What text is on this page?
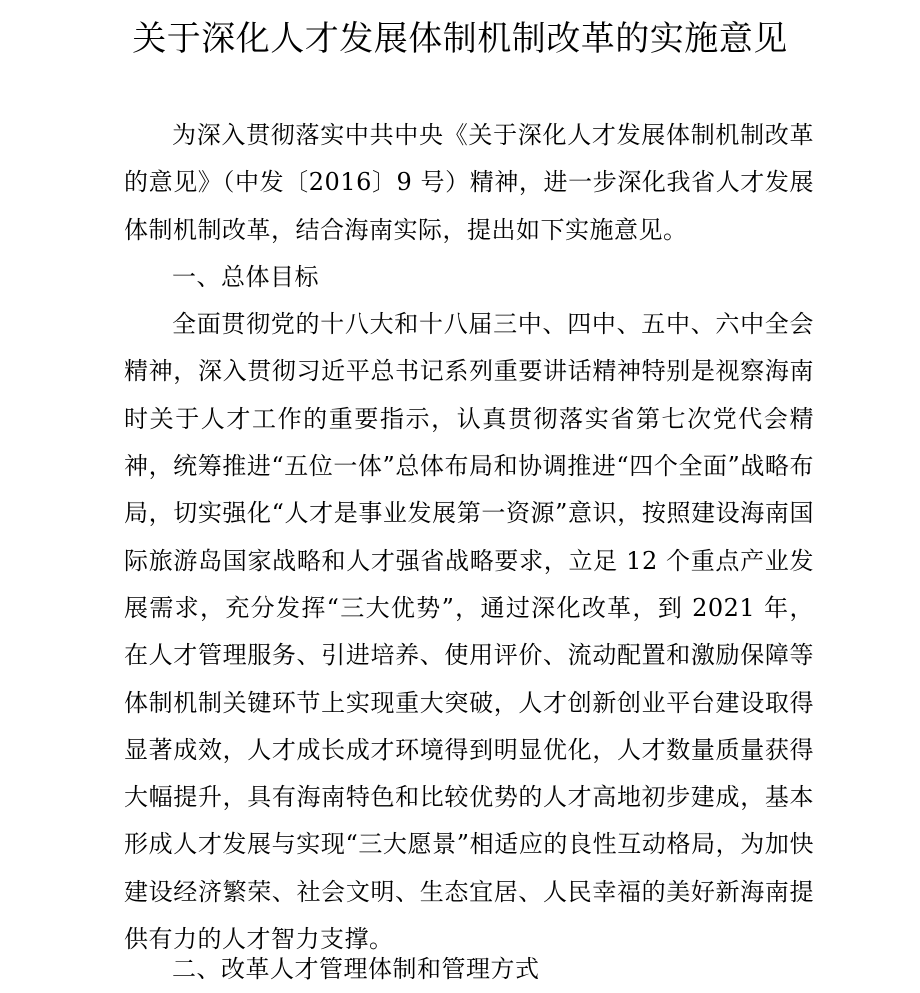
关于深化人才发展体制机制改革的实施意见

为深入贯彻落实中共中央《关于深化人才发展体制机制改革的意见》（中发〔2016〕9 号）精神，进一步深化我省人才发展体制机制改革，结合海南实际，提出如下实施意见。

一、总体目标

全面贯彻党的十八大和十八届三中、四中、五中、六中全会精神，深入贯彻习近平总书记系列重要讲话精神特别是视察海南时关于人才工作的重要指示，认真贯彻落实省第七次党代会精神，统筹推进“五位一体”总体布局和协调推进“四个全面”战略布局，切实强化“人才是事业发展第一资源”意识，按照建设海南国际旅游岛国家战略和人才强省战略要求，立足 12 个重点产业发展需求，充分发挥“三大优势”，通过深化改革，到 2021 年，在人才管理服务、引进培养、使用评价、流动配置和激励保障等体制机制关键环节上实现重大突破，人才创新创业平台建设取得显著成效，人才成长成才环境得到明显优化，人才数量质量获得大幅提升，具有海南特色和比较优势的人才高地初步建成，基本形成人才发展与实现“三大愿景”相适应的良性互动格局，为加快建设经济繁荣、社会文明、生态宜居、人民幸福的美好新海南提供有力的人才智力支撑。

二、改革人才管理体制和管理方式
